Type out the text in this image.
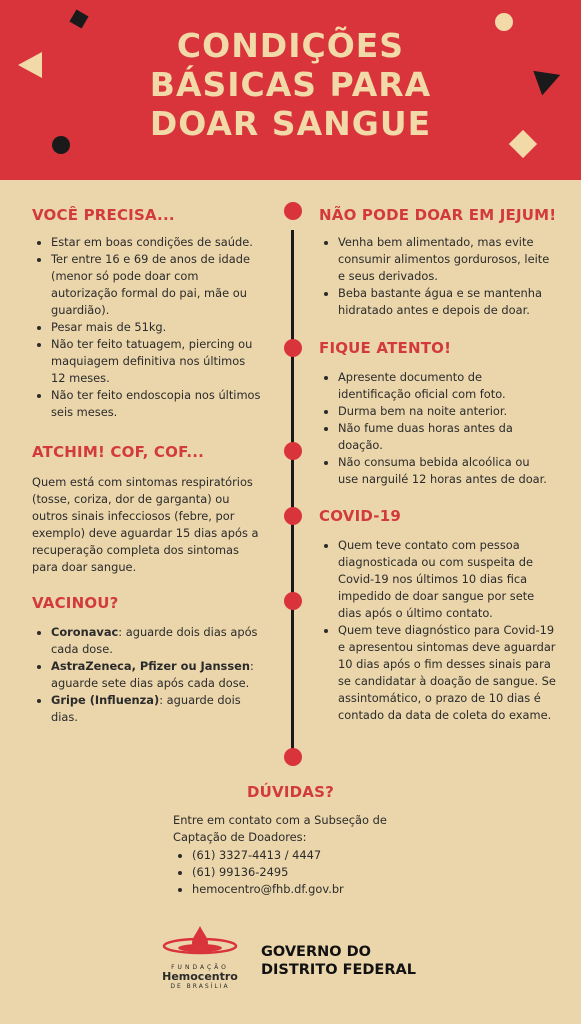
CONDIÇÕES
BÁSICAS PARA
DOAR SANGUE
VOCÊ PRECISA...
Estar em boas condições de saúde.
Ter entre 16 e 69 de anos de idade (menor só pode doar com autorização formal do pai, mãe ou guardião).
Pesar mais de 51kg.
Não ter feito tatuagem, piercing ou maquiagem definitiva nos últimos 12 meses.
Não ter feito endoscopia nos últimos seis meses.
ATCHIM! COF, COF...
Quem está com sintomas respiratórios (tosse, coriza, dor de garganta) ou outros sinais infecciosos (febre, por exemplo) deve aguardar 15 dias após a recuperação completa dos sintomas para doar sangue.
VACINOU?
Coronavac: aguarde dois dias após cada dose.
AstraZeneca, Pfizer ou Janssen: aguarde sete dias após cada dose.
Gripe (Influenza): aguarde dois dias.
NÃO PODE DOAR EM JEJUM!
Venha bem alimentado, mas evite consumir alimentos gordurosos, leite e seus derivados.
Beba bastante água e se mantenha hidratado antes e depois de doar.
FIQUE ATENTO!
Apresente documento de identificação oficial com foto.
Durma bem na noite anterior.
Não fume duas horas antes da doação.
Não consuma bebida alcoólica ou use narguilé 12 horas antes de doar.
COVID-19
Quem teve contato com pessoa diagnosticada ou com suspeita de Covid-19 nos últimos 10 dias fica impedido de doar sangue por sete dias após o último contato.
Quem teve diagnóstico para Covid-19 e apresentou sintomas deve aguardar 10 dias após o fim desses sinais para se candidatar à doação de sangue. Se assintomático, o prazo de 10 dias é contado da data de coleta do exame.
DÚVIDAS?
Entre em contato com a Subseção de Captação de Doadores:
(61) 3327-4413 / 4447
(61) 99136-2495
hemocentro@fhb.df.gov.br
FUNDAÇÃO
Hemocentro
DE BRASÍLIA
GOVERNO DO
DISTRITO FEDERAL
